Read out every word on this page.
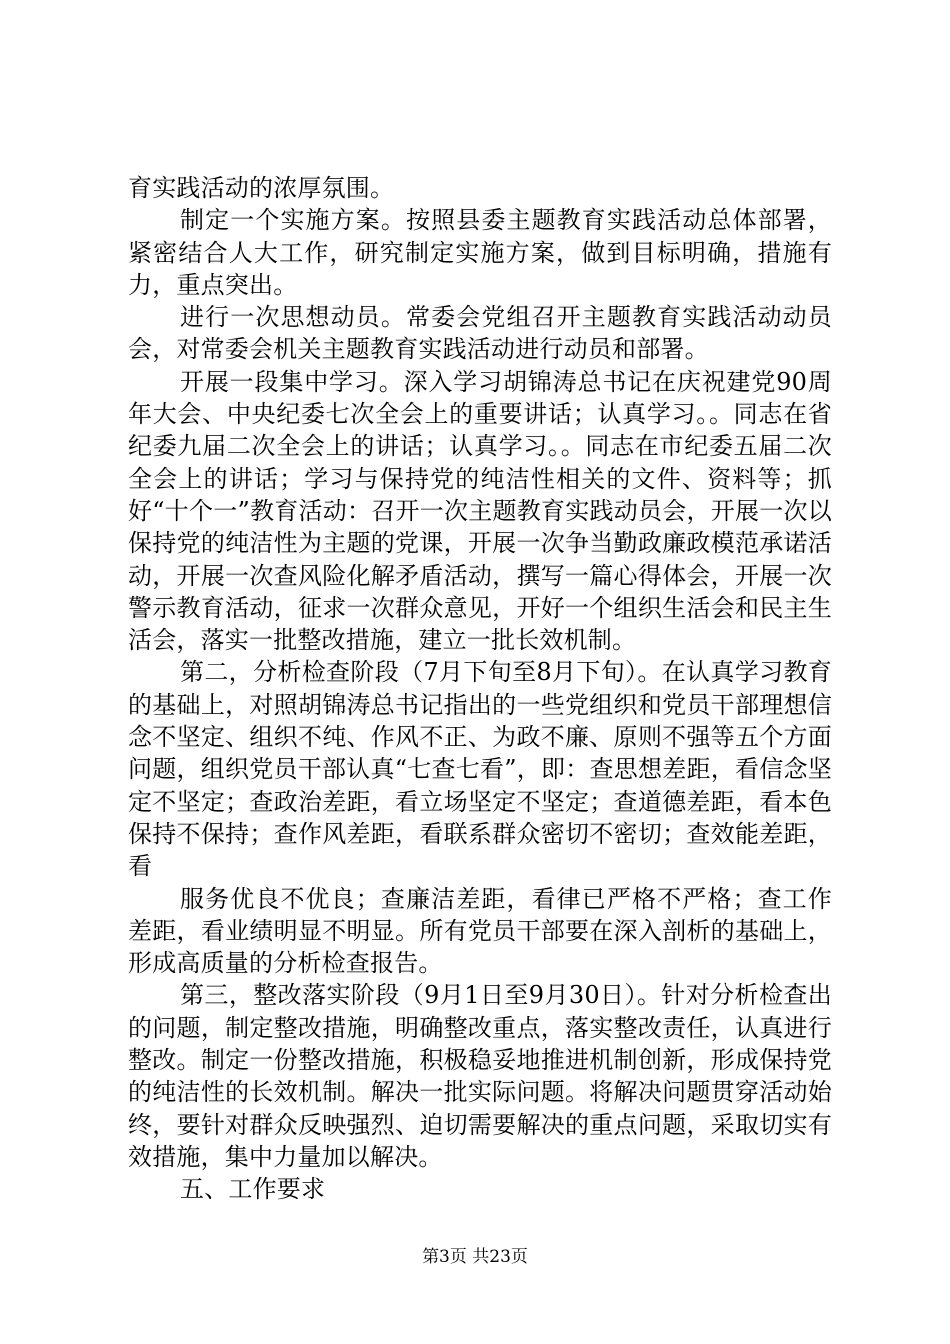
育实践活动的浓厚氛围。

制定一个实施方案。按照县委主题教育实践活动总体部署，紧密结合人大工作，研究制定实施方案，做到目标明确，措施有力，重点突出。

进行一次思想动员。常委会党组召开主题教育实践活动动员会，对常委会机关主题教育实践活动进行动员和部署。

开展一段集中学习。深入学习胡锦涛总书记在庆祝建党90周年大会、中央纪委七次全会上的重要讲话；认真学习。。同志在省纪委九届二次全会上的讲话；认真学习。。同志在市纪委五届二次全会上的讲话；学习与保持党的纯洁性相关的文件、资料等；抓好“十个一”教育活动：召开一次主题教育实践动员会，开展一次以保持党的纯洁性为主题的党课，开展一次争当勤政廉政模范承诺活动，开展一次查风险化解矛盾活动，撰写一篇心得体会，开展一次警示教育活动，征求一次群众意见，开好一个组织生活会和民主生活会，落实一批整改措施，建立一批长效机制。

第二，分析检查阶段（7月下旬至8月下旬）。在认真学习教育的基础上，对照胡锦涛总书记指出的一些党组织和党员干部理想信念不坚定、组织不纯、作风不正、为政不廉、原则不强等五个方面问题，组织党员干部认真“七查七看”，即：查思想差距，看信念坚定不坚定；查政治差距，看立场坚定不坚定；查道德差距，看本色保持不保持；查作风差距，看联系群众密切不密切；查效能差距，看

服务优良不优良；查廉洁差距，看律已严格不严格；查工作差距，看业绩明显不明显。所有党员干部要在深入剖析的基础上，形成高质量的分析检查报告。

第三，整改落实阶段（9月1日至9月30日）。针对分析检查出的问题，制定整改措施，明确整改重点，落实整改责任，认真进行整改。制定一份整改措施，积极稳妥地推进机制创新，形成保持党的纯洁性的长效机制。解决一批实际问题。将解决问题贯穿活动始终，要针对群众反映强烈、迫切需要解决的重点问题，采取切实有效措施，集中力量加以解决。

五、工作要求

第3页 共23页
